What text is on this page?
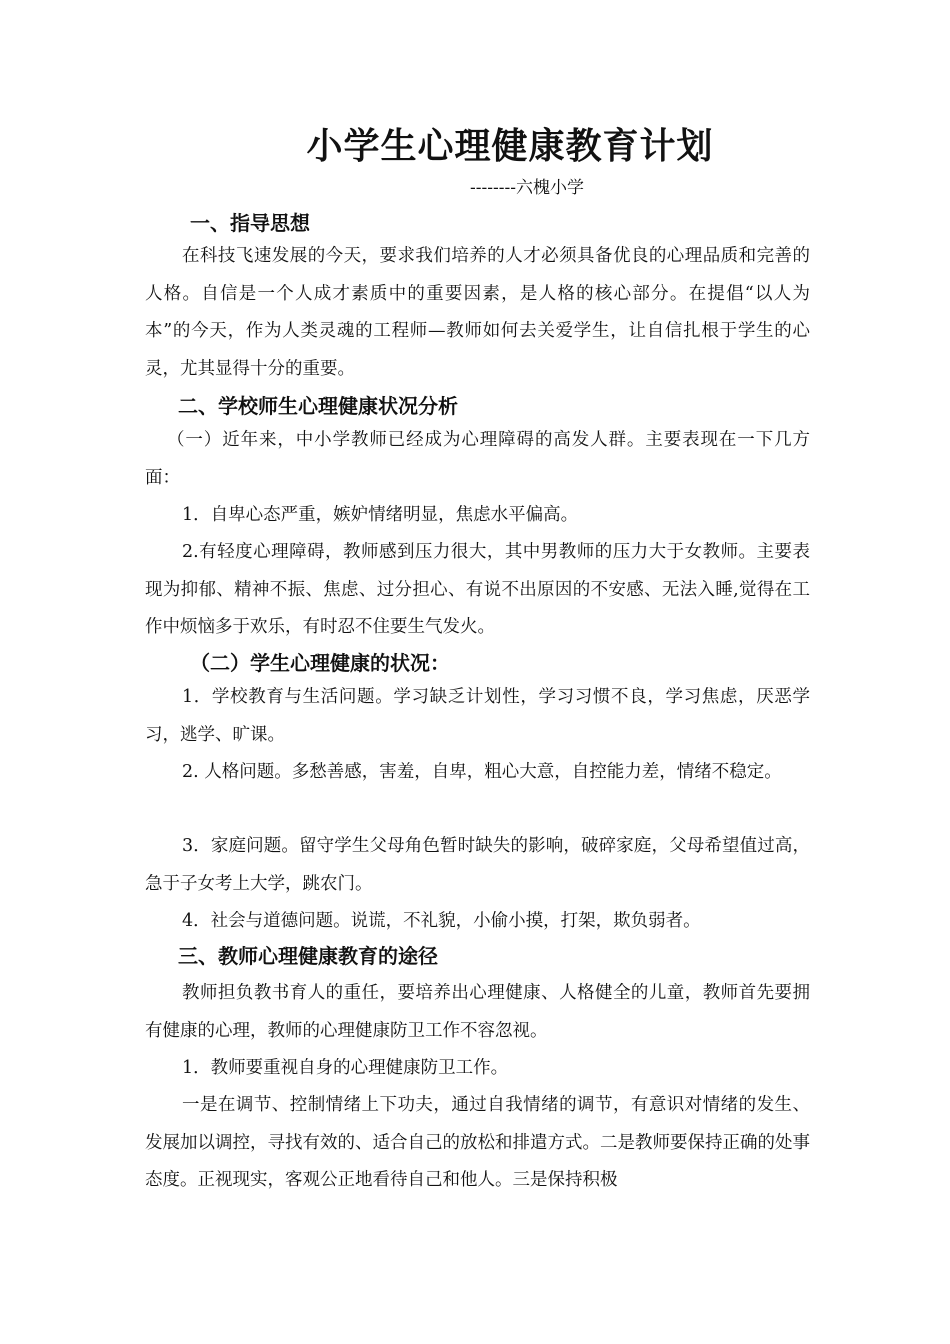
小学生心理健康教育计划
--------六槐小学
一、指导思想
在科技飞速发展的今天，要求我们培养的人才必须具备优良的心理品质和完善的人格。自信是一个人成才素质中的重要因素，是人格的核心部分。在提倡“以人为本”的今天，作为人类灵魂的工程师—教师如何去关爱学生，让自信扎根于学生的心灵，尤其显得十分的重要。
二、学校师生心理健康状况分析
（一）近年来，中小学教师已经成为心理障碍的高发人群。主要表现在一下几方面：
1．自卑心态严重，嫉妒情绪明显，焦虑水平偏高。
2.有轻度心理障碍，教师感到压力很大，其中男教师的压力大于女教师。主要表现为抑郁、精神不振、焦虑、过分担心、有说不出原因的不安感、无法入睡,觉得在工作中烦恼多于欢乐，有时忍不住要生气发火。
（二）学生心理健康的状况：
1．学校教育与生活问题。学习缺乏计划性，学习习惯不良，学习焦虑，厌恶学习，逃学、旷课。
2. 人格问题。多愁善感，害羞，自卑，粗心大意，自控能力差，情绪不稳定。
3．家庭问题。留守学生父母角色暂时缺失的影响，破碎家庭，父母希望值过高，急于子女考上大学，跳农门。
4．社会与道德问题。说谎，不礼貌，小偷小摸，打架，欺负弱者。
三、教师心理健康教育的途径
教师担负教书育人的重任，要培养出心理健康、人格健全的儿童，教师首先要拥有健康的心理，教师的心理健康防卫工作不容忽视。
1．教师要重视自身的心理健康防卫工作。
一是在调节、控制情绪上下功夫，通过自我情绪的调节，有意识对情绪的发生、发展加以调控，寻找有效的、适合自己的放松和排遣方式。二是教师要保持正确的处事态度。正视现实，客观公正地看待自己和他人。三是保持积极
